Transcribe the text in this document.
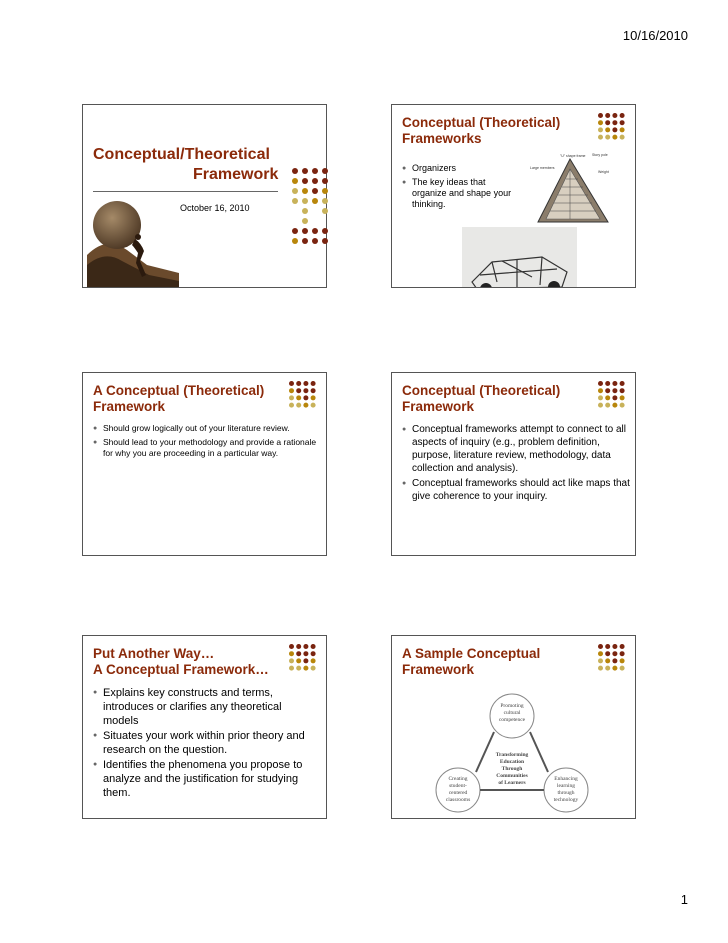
10/16/2010
Conceptual/Theoretical
Framework
October 16, 2010
Conceptual (Theoretical)
Frameworks
● Organizers
● The key ideas that organize and shape your thinking.
"U" shape frame Story pole
Large members
Weight
A Conceptual (Theoretical)
Framework
● Should grow logically out of your literature review.
● Should lead to your methodology and provide a rationale for why you are proceeding in a particular way.
Conceptual (Theoretical)
Framework
● Conceptual frameworks attempt to connect to all aspects of inquiry (e.g., problem definition, purpose, literature review, methodology, data collection and analysis).
● Conceptual frameworks should act like maps that give coherence to your inquiry.
Put Another Way…
A Conceptual Framework…
● Explains key constructs and terms, introduces or clarifies any theoretical models
● Situates your work within prior theory and research on the question.
● Identifies the phenomena you propose to analyze and the justification for studying them.
A Sample Conceptual
Framework
Promoting
cultural
competence
Transforming
Education
Through
Communities
of Learners
Creating
student-
centered
classrooms
Enhancing
learning
through
technology
1
